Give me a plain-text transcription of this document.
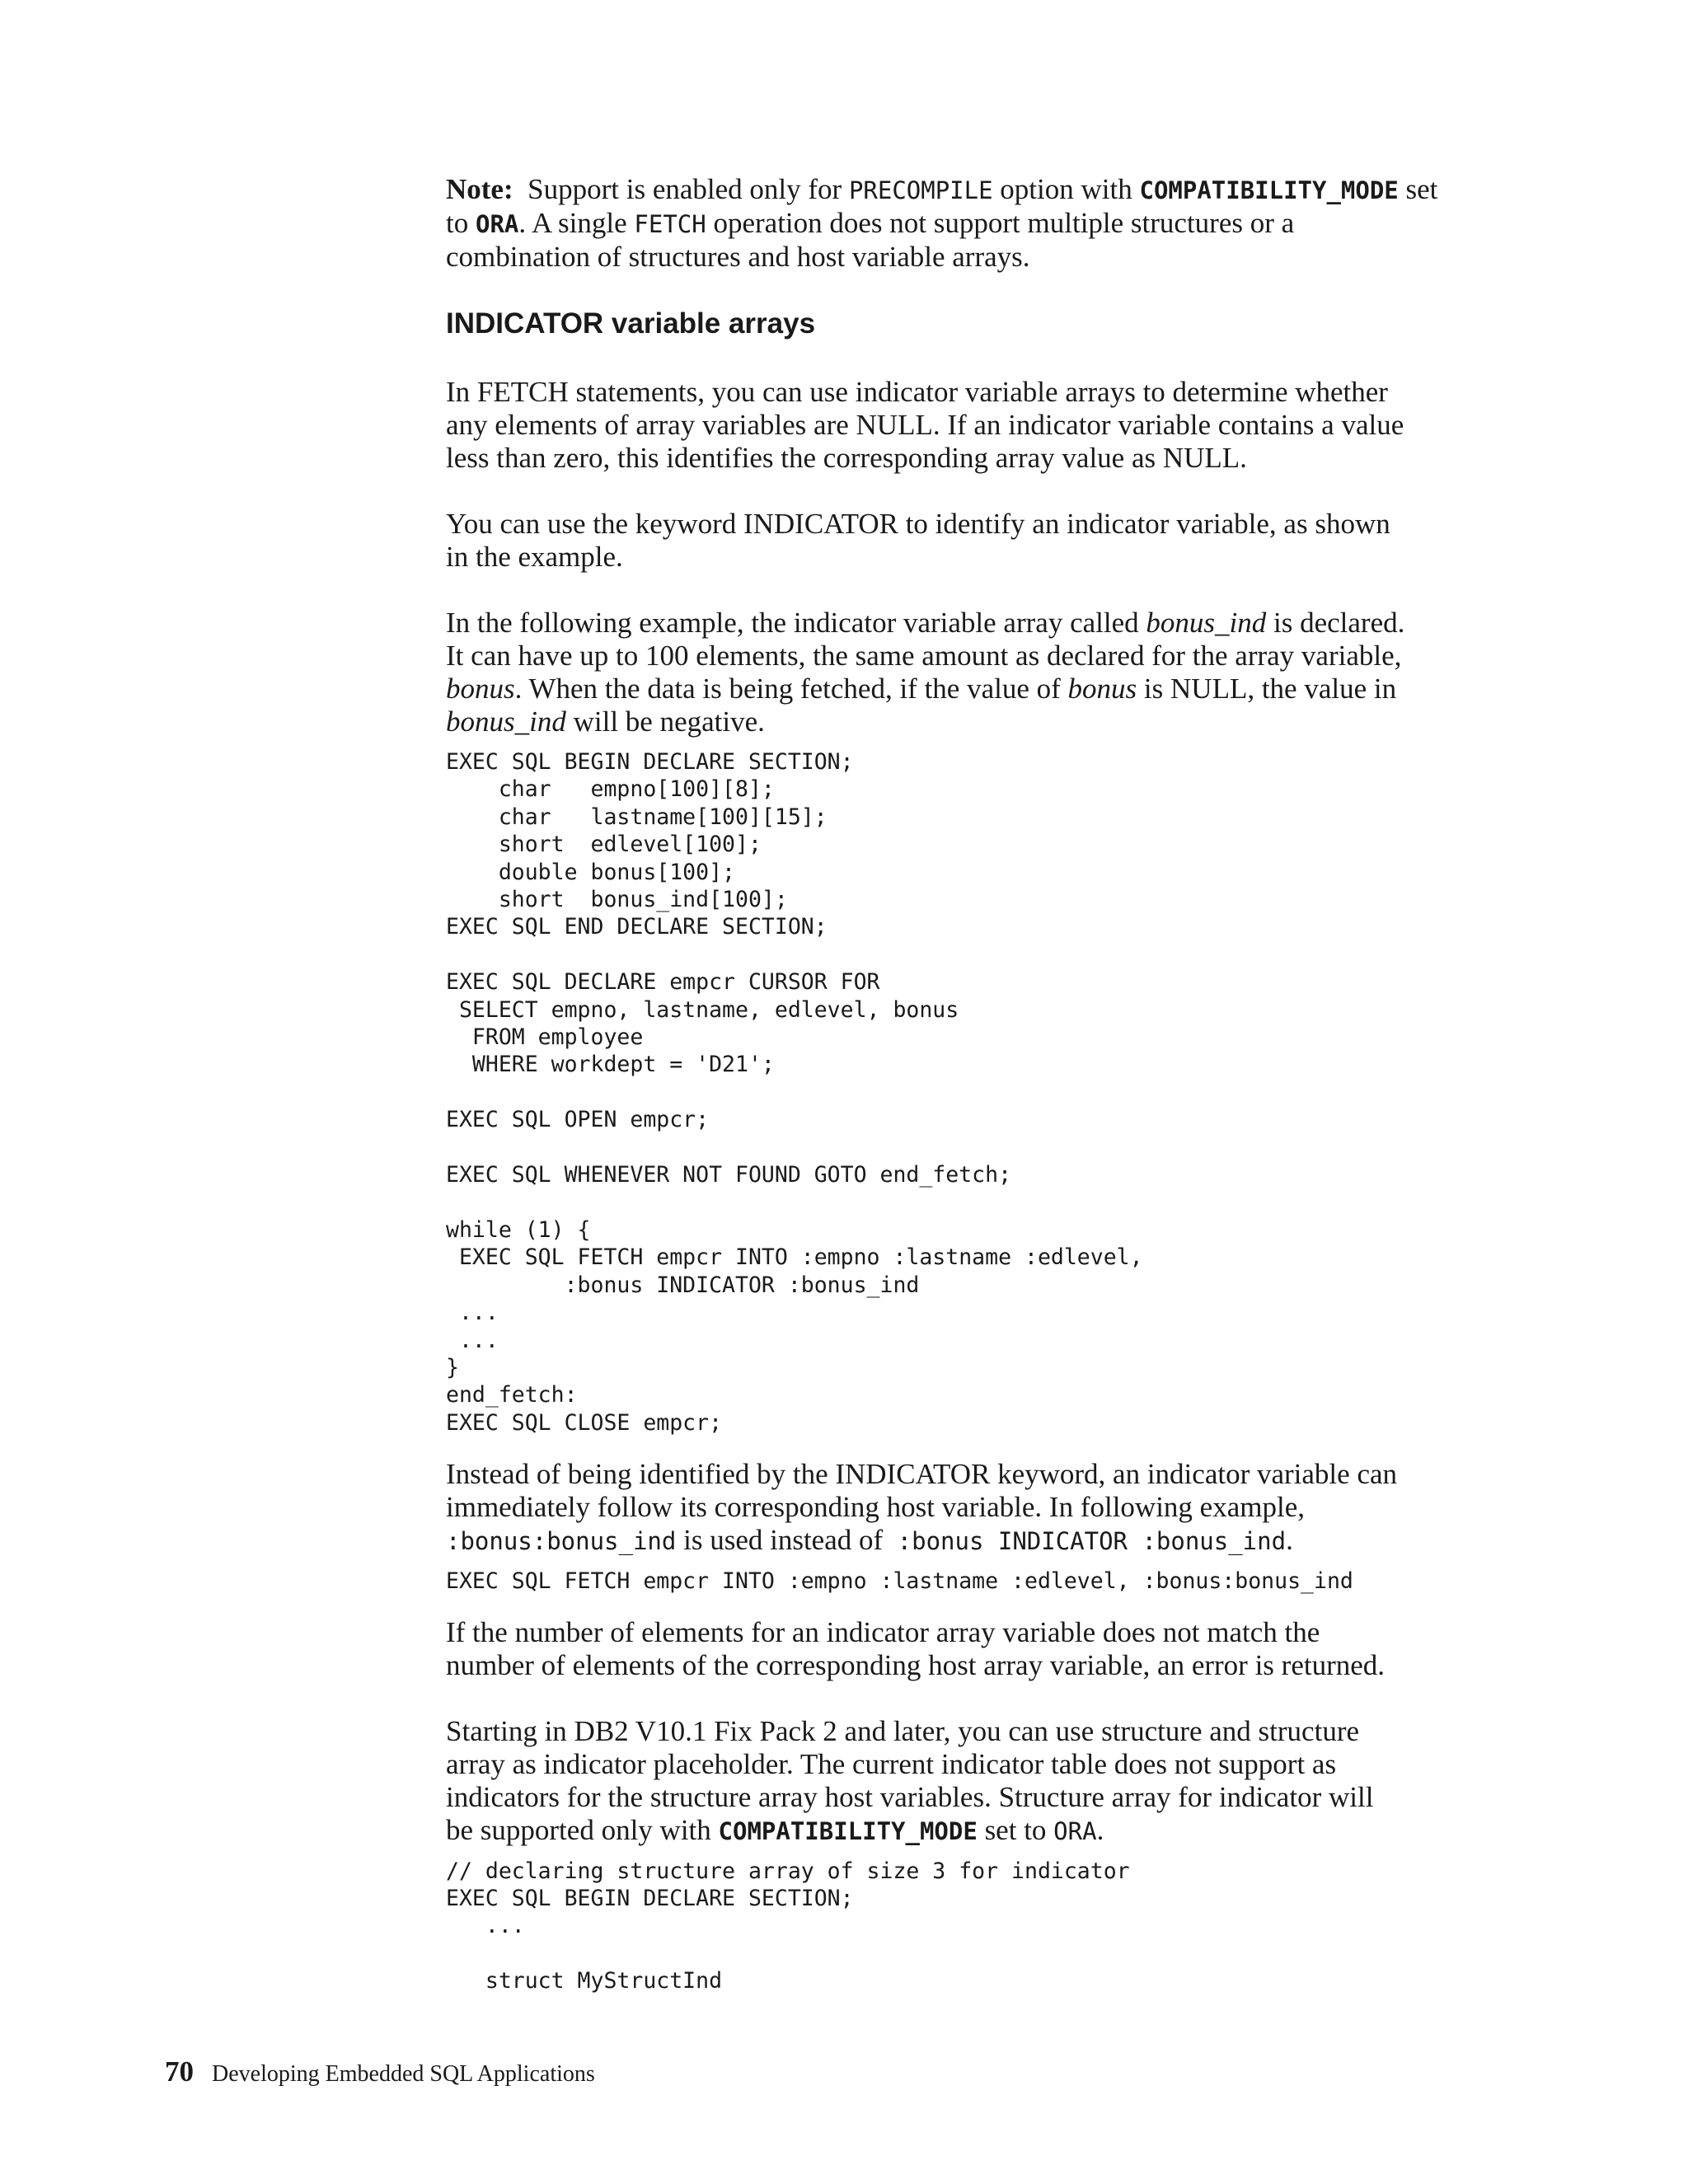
Note:  Support is enabled only for PRECOMPILE option with COMPATIBILITY_MODE set
to ORA. A single FETCH operation does not support multiple structures or a
combination of structures and host variable arrays.

INDICATOR variable arrays

In FETCH statements, you can use indicator variable arrays to determine whether
any elements of array variables are NULL. If an indicator variable contains a value
less than zero, this identifies the corresponding array value as NULL.

You can use the keyword INDICATOR to identify an indicator variable, as shown
in the example.

In the following example, the indicator variable array called bonus_ind is declared.
It can have up to 100 elements, the same amount as declared for the array variable,
bonus. When the data is being fetched, if the value of bonus is NULL, the value in
bonus_ind will be negative.

EXEC SQL BEGIN DECLARE SECTION;
char   empno[100][8];
char   lastname[100][15];
short  edlevel[100];
double bonus[100];
short  bonus_ind[100];
EXEC SQL END DECLARE SECTION;

EXEC SQL DECLARE empcr CURSOR FOR
SELECT empno, lastname, edlevel, bonus
FROM employee
WHERE workdept = 'D21';

EXEC SQL OPEN empcr;

EXEC SQL WHENEVER NOT FOUND GOTO end_fetch;

while (1) {
EXEC SQL FETCH empcr INTO :empno :lastname :edlevel,
:bonus INDICATOR :bonus_ind
...
...
}
end_fetch:
EXEC SQL CLOSE empcr;

Instead of being identified by the INDICATOR keyword, an indicator variable can
immediately follow its corresponding host variable. In following example,
:bonus:bonus_ind is used instead of  :bonus INDICATOR :bonus_ind.

EXEC SQL FETCH empcr INTO :empno :lastname :edlevel, :bonus:bonus_ind

If the number of elements for an indicator array variable does not match the
number of elements of the corresponding host array variable, an error is returned.

Starting in DB2 V10.1 Fix Pack 2 and later, you can use structure and structure
array as indicator placeholder. The current indicator table does not support as
indicators for the structure array host variables. Structure array for indicator will
be supported only with COMPATIBILITY_MODE set to ORA.

// declaring structure array of size 3 for indicator
EXEC SQL BEGIN DECLARE SECTION;
...

struct MyStructInd
70 Developing Embedded SQL Applications
